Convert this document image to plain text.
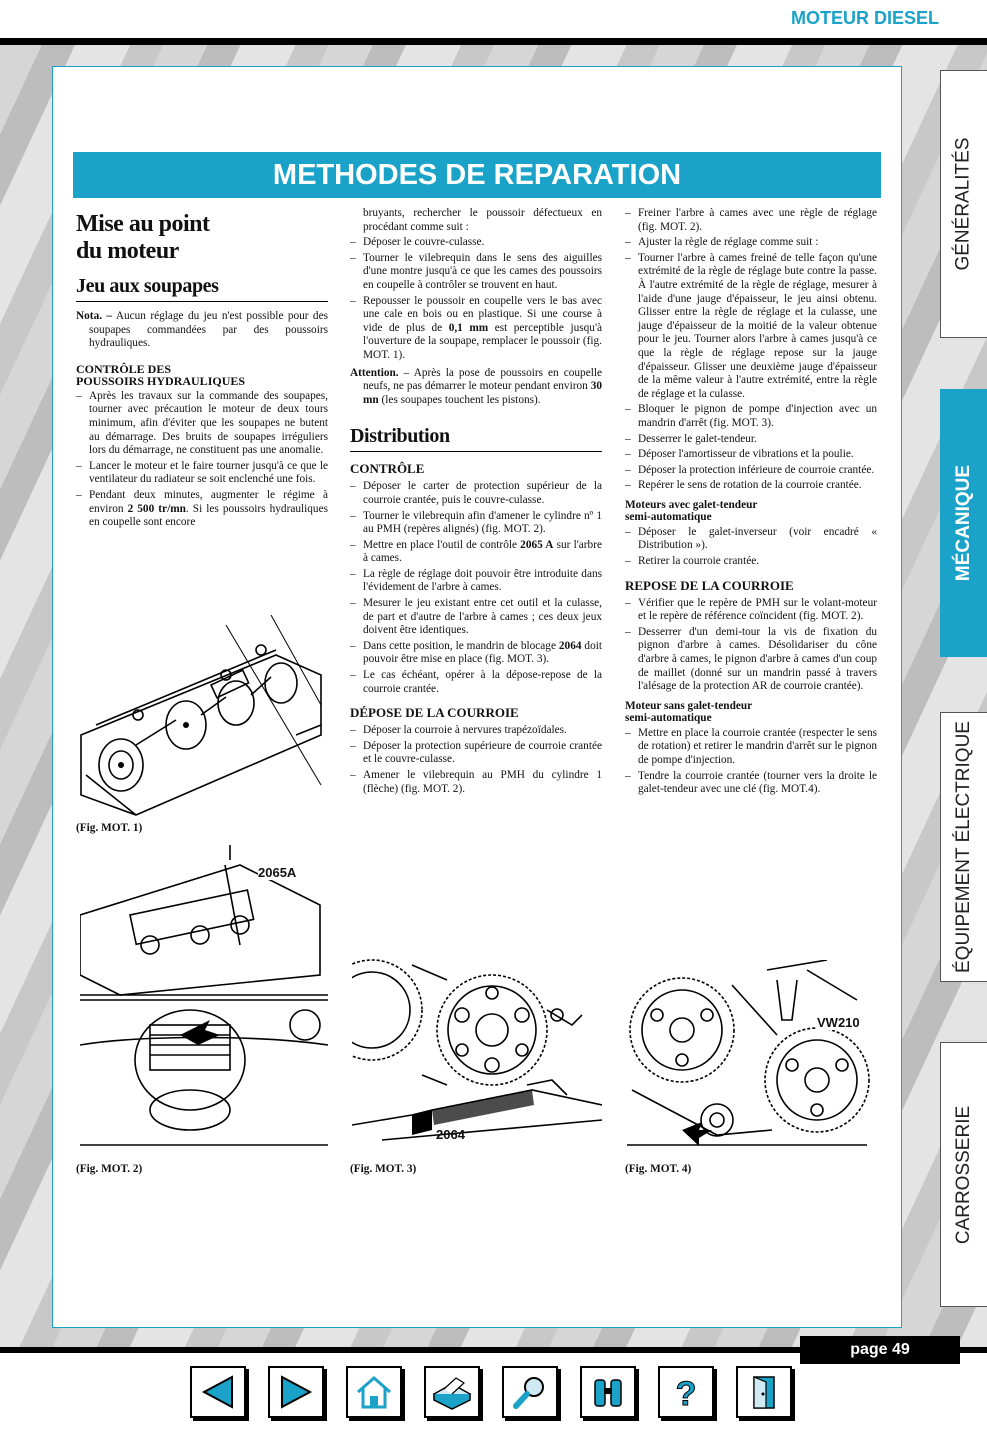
MOTEUR DIESEL
METHODES DE REPARATION
Mise au point
du moteur
Jeu aux soupapes

Nota. – Aucun réglage du jeu n'est possible pour des soupapes commandées par des poussoirs hydrauliques.

CONTRÔLE DES
POUSSOIRS HYDRAULIQUES
– Après les travaux sur la commande des soupapes, tourner avec précaution le moteur de deux tours minimum, afin d'éviter que les soupapes ne butent au démarrage. Des bruits de soupapes irréguliers lors du démarrage, ne constituent pas une anomalie.
– Lancer le moteur et le faire tourner jusqu'à ce que le ventilateur du radiateur se soit enclenché une fois.
– Pendant deux minutes, augmenter le régime à environ 2 500 tr/mn. Si les poussoirs hydrauliques en coupelle sont encore
(Fig. MOT. 1)
2065A
(Fig. MOT. 2)

bruyants, rechercher le poussoir défectueux en procédant comme suit :

– Déposer le couvre-culasse.
– Tourner le vilebrequin dans le sens des aiguilles d'une montre jusqu'à ce que les cames des poussoirs en coupelle à contrôler se trouvent en haut.
– Repousser le poussoir en coupelle vers le bas avec une cale en bois ou en plastique. Si une course à vide de plus de 0,1 mm est perceptible jusqu'à l'ouverture de la soupape, remplacer le poussoir (fig. MOT. 1).

Attention. – Après la pose de poussoirs en coupelle neufs, ne pas démarrer le moteur pendant environ 30 mn (les soupapes touchent les pistons).

Distribution
CONTRÔLE
– Déposer le carter de protection supérieur de la courroie crantée, puis le couvre-culasse.
– Tourner le vilebrequin afin d'amener le cylindre nº 1 au PMH (repères alignés) (fig. MOT. 2).
– Mettre en place l'outil de contrôle 2065 A sur l'arbre à cames.
– La règle de réglage doit pouvoir être introduite dans l'évidement de l'arbre à cames.
– Mesurer le jeu existant entre cet outil et la culasse, de part et d'autre de l'arbre à cames ; ces deux jeux doivent être identiques.
– Dans cette position, le mandrin de blocage 2064 doit pouvoir être mise en place (fig. MOT. 3).
– Le cas échéant, opérer à la dépose-repose de la courroie crantée.
DÉPOSE DE LA COURROIE
– Déposer la courroie à nervures trapézoïdales.
– Déposer la protection supérieure de courroie crantée et le couvre-culasse.
– Amener le vilebrequin au PMH du cylindre 1 (flèche) (fig. MOT. 2).
2064
(Fig. MOT. 3)
– Freiner l'arbre à cames avec une règle de réglage (fig. MOT. 2).
– Ajuster la règle de réglage comme suit :
– Tourner l'arbre à cames freiné de telle façon qu'une extrémité de la règle de réglage bute contre la passe. À l'autre extrémité de la règle de réglage, mesurer à l'aide d'une jauge d'épaisseur, le jeu ainsi obtenu. Glisser entre la règle de réglage et la culasse, une jauge d'épaisseur de la moitié de la valeur obtenue pour le jeu. Tourner alors l'arbre à cames jusqu'à ce que la règle de réglage repose sur la jauge d'épaisseur. Glisser une deuxième jauge d'épaisseur de la même valeur à l'autre extrémité, entre la règle de réglage et la culasse.
– Bloquer le pignon de pompe d'injection avec un mandrin d'arrêt (fig. MOT. 3).
– Desserrer le galet-tendeur.
– Déposer l'amortisseur de vibrations et la poulie.
– Déposer la protection inférieure de courroie crantée.
– Repérer le sens de rotation de la courroie crantée.
Moteurs avec galet-tendeur
semi-automatique
– Déposer le galet-inverseur (voir encadré « Distribution »).
– Retirer la courroie crantée.
REPOSE DE LA COURROIE
– Vérifier que le repère de PMH sur le volant-moteur et le repère de référence coïncident (fig. MOT. 2).
– Desserrer d'un demi-tour la vis de fixation du pignon d'arbre à cames. Désolidariser du cône d'arbre à cames, le pignon d'arbre à cames d'un coup de maillet (donné sur un mandrin passé à travers l'alésage de la protection AR de courroie crantée).
Moteur sans galet-tendeur
semi-automatique
– Mettre en place la courroie crantée (respecter le sens de rotation) et retirer le mandrin d'arrêt sur le pignon de pompe d'injection.
– Tendre la courroie crantée (tourner vers la droite le galet-tendeur avec une clé (fig. MOT.4).
VW210
(Fig. MOT. 4)
GÉNÉRALITÉS
MÉCANIQUE
ÉQUIPEMENT ÉLECTRIQUE
CARROSSERIE
page 49
?
